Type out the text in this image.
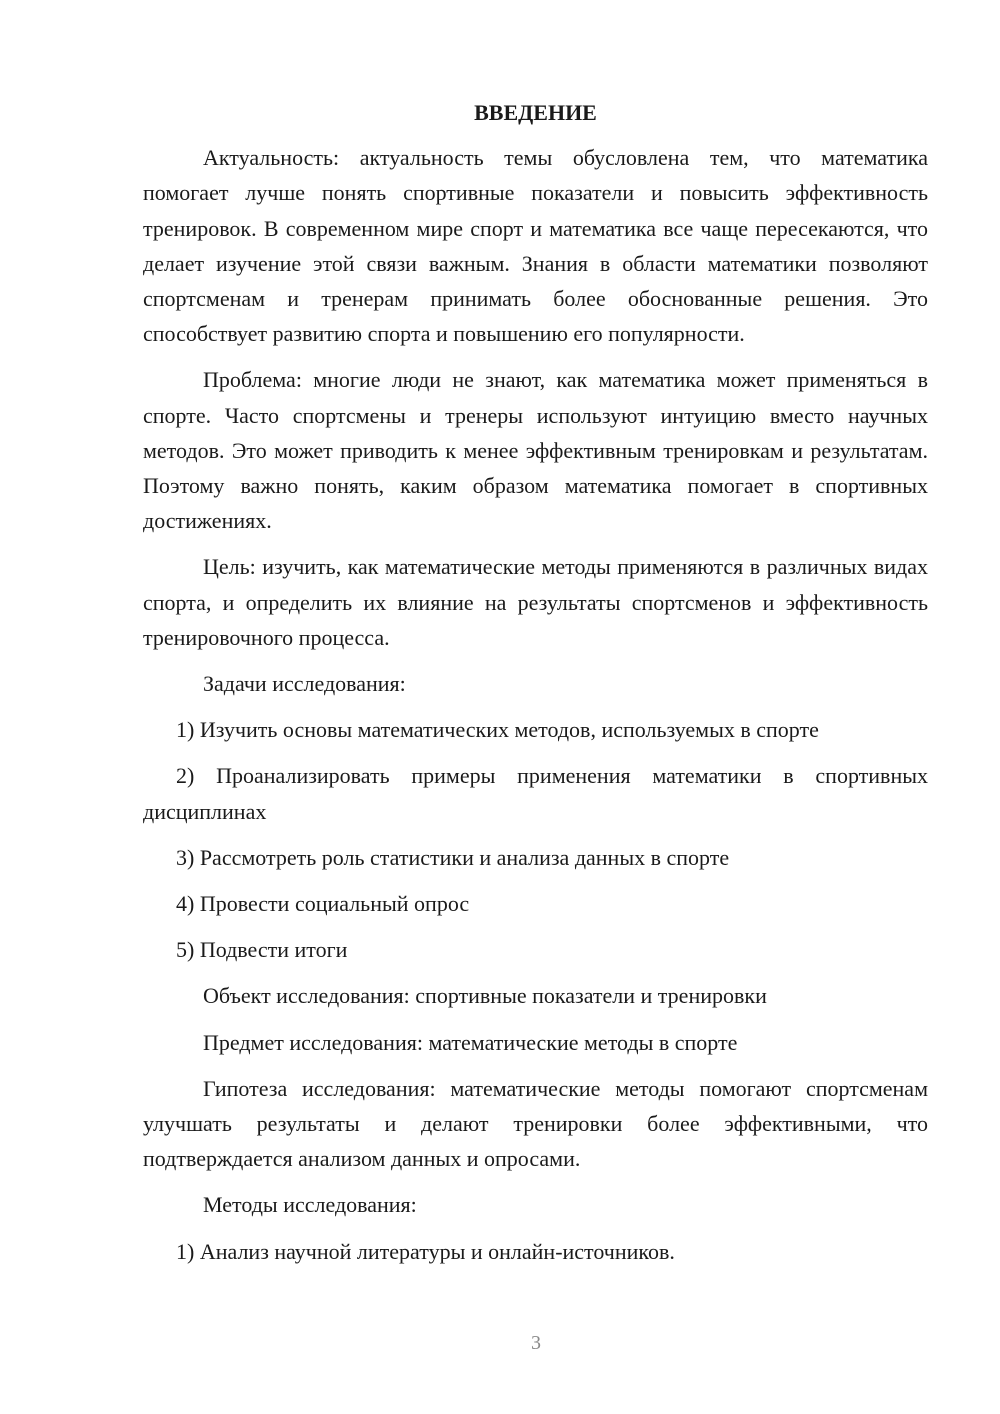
ВВЕДЕНИЕ

Актуальность: актуальность темы обусловлена тем, что математика помогает лучше понять спортивные показатели и повысить эффективность тренировок. В современном мире спорт и математика все чаще пересекаются, что делает изучение этой связи важным. Знания в области математики позволяют спортсменам и тренерам принимать более обоснованные решения. Это способствует развитию спорта и повышению его популярности.

Проблема: многие люди не знают, как математика может применяться в спорте. Часто спортсмены и тренеры используют интуицию вместо научных методов. Это может приводить к менее эффективным тренировкам и результатам. Поэтому важно понять, каким образом математика помогает в спортивных достижениях.

Цель: изучить, как математические методы применяются в различных видах спорта, и определить их влияние на результаты спортсменов и эффективность тренировочного процесса.

Задачи исследования:

1) Изучить основы математических методов, используемых в спорте

2) Проанализировать примеры применения математики в спортивных дисциплинах

3) Рассмотреть роль статистики и анализа данных в спорте

4) Провести социальный опрос

5) Подвести итоги

Объект исследования: спортивные показатели и тренировки

Предмет исследования: математические методы в спорте

Гипотеза исследования: математические методы помогают спортсменам улучшать результаты и делают тренировки более эффективными, что подтверждается анализом данных и опросами.

Методы исследования:

1) Анализ научной литературы и онлайн-источников.

3
